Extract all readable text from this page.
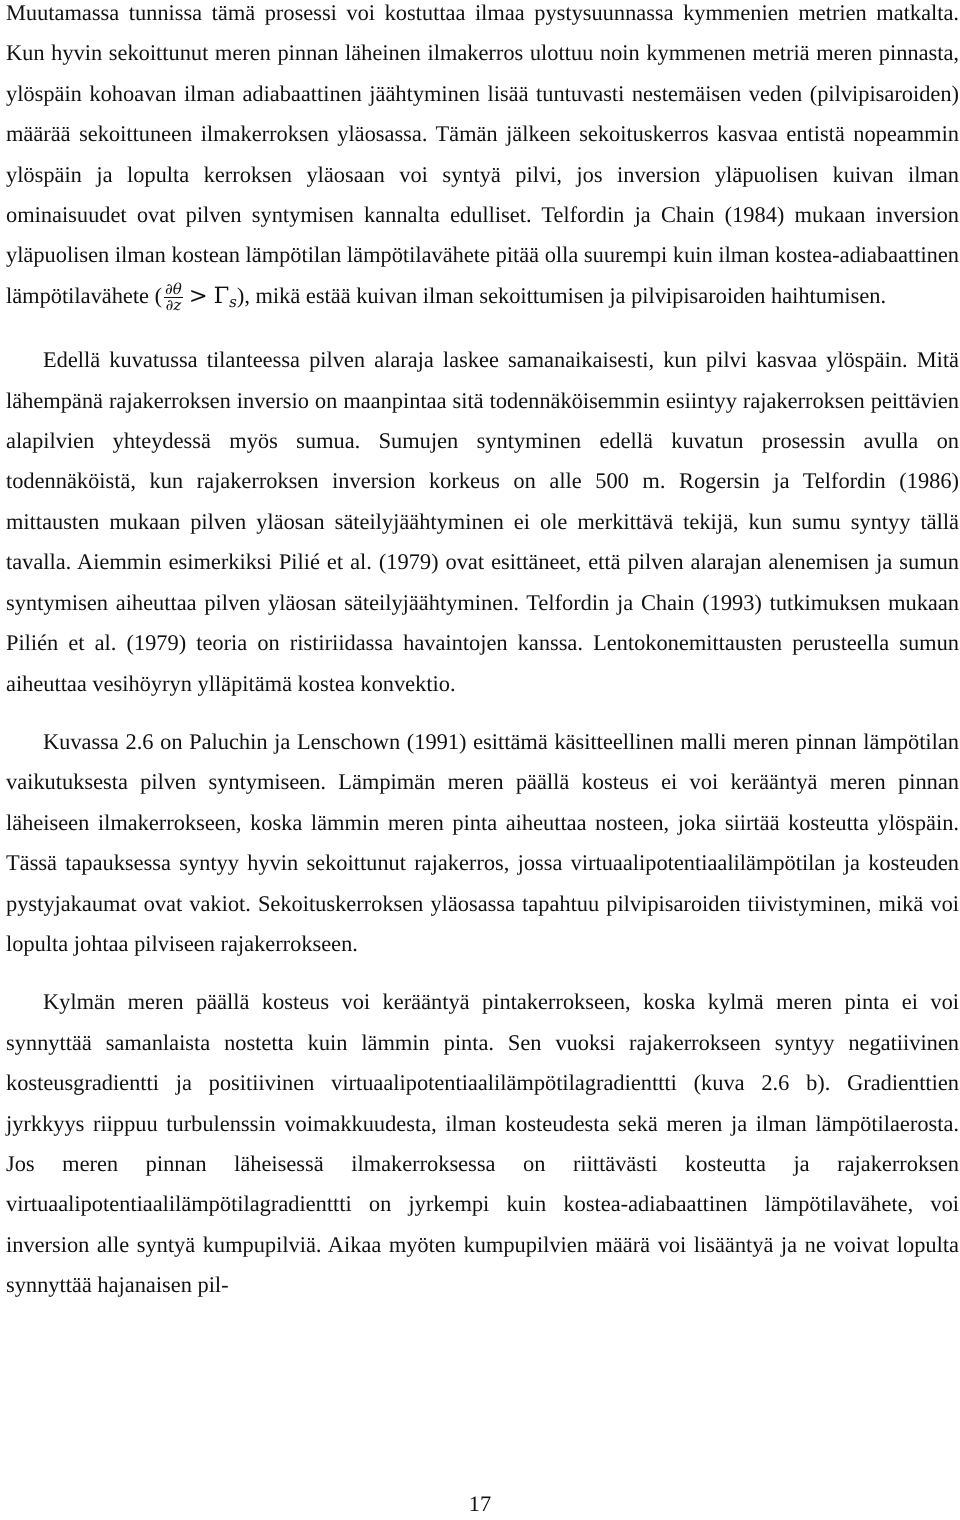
Muutamassa tunnissa tämä prosessi voi kostuttaa ilmaa pystysuunnassa kymmenien metrien matkalta. Kun hyvin sekoittunut meren pinnan läheinen ilmakerros ulottuu noin kymmenen metriä meren pinnasta, ylöspäin kohoavan ilman adiabaattinen jäähtyminen lisää tuntuvasti nestemäisen veden (pilvipisaroiden) määrää sekoittuneen ilmakerroksen yläosassa. Tämän jälkeen sekoituskerros kasvaa entistä nopeammin ylöspäin ja lopulta kerroksen yläosaan voi syntyä pilvi, jos inversion yläpuolisen kuivan ilman ominaisuudet ovat pilven syntymisen kannalta edulliset. Telfordin ja Chain (1984) mukaan inversion yläpuolisen ilman kostean lämpötilan lämpötilavähete pitää olla suurempi kuin ilman kostea-adiabaattinen lämpötilavähete ( $\frac{\partial\theta}{\partial z} > \Gamma_s$), mikä estää kuivan ilman sekoittumisen ja pilvipisaroiden haihtumisen.

Edellä kuvatussa tilanteessa pilven alaraja laskee samanaikaisesti, kun pilvi kasvaa ylöspäin. Mitä lähempänä rajakerroksen inversio on maanpintaa sitä todennäköisemmin esiintyy rajakerroksen peittävien alapilvien yhteydessä myös sumua. Sumujen syntyminen edellä kuvatun prosessin avulla on todennäköistä, kun rajakerroksen inversion korkeus on alle 500 m. Rogersin ja Telfordin (1986) mittausten mukaan pilven yläosan säteilyjäähtyminen ei ole merkittävä tekijä, kun sumu syntyy tällä tavalla. Aiemmin esimerkiksi Pilié et al. (1979) ovat esittäneet, että pilven alarajan alenemisen ja sumun syntymisen aiheuttaa pilven yläosan säteilyjäähtyminen. Telfordin ja Chain (1993) tutkimuksen mukaan Pilién et al. (1979) teoria on ristiriidassa havaintojen kanssa. Lentokonemittausten perusteella sumun aiheuttaa vesihöyryn ylläpitämä kostea konvektio.

Kuvassa 2.6 on Paluchin ja Lenschown (1991) esittämä käsitteellinen malli meren pinnan lämpötilan vaikutuksesta pilven syntymiseen. Lämpimän meren päällä kosteus ei voi kerääntyä meren pinnan läheiseen ilmakerrokseen, koska lämmin meren pinta aiheuttaa nosteen, joka siirtää kosteutta ylöspäin. Tässä tapauksessa syntyy hyvin sekoittunut rajakerros, jossa virtuaalipotentiaalilämpötilan ja kosteuden pystyjakaumat ovat vakiot. Sekoituskerroksen yläosassa tapahtuu pilvipisaroiden tiivistyminen, mikä voi lopulta johtaa pilviseen rajakerrokseen.

Kylmän meren päällä kosteus voi kerääntyä pintakerrokseen, koska kylmä meren pinta ei voi synnyttää samanlaista nostetta kuin lämmin pinta. Sen vuoksi rajakerrokseen syntyy negatiivinen kosteusgradientti ja positiivinen virtuaalipotentiaalilämpötilagradienttti (kuva 2.6 b). Gradienttien jyrkkyys riippuu turbulenssin voimakkuudesta, ilman kosteudesta sekä meren ja ilman lämpötilaerosta. Jos meren pinnan läheisessä ilmakerroksessa on riittävästi kosteutta ja rajakerroksen virtuaalipotentiaalilämpötilagradienttti on jyrkempi kuin kostea-adiabaattinen lämpötilavähete, voi inversion alle syntyä kumpupilviä. Aikaa myöten kumpupilvien määrä voi lisääntyä ja ne voivat lopulta synnyttää hajanaisen pil-

17
